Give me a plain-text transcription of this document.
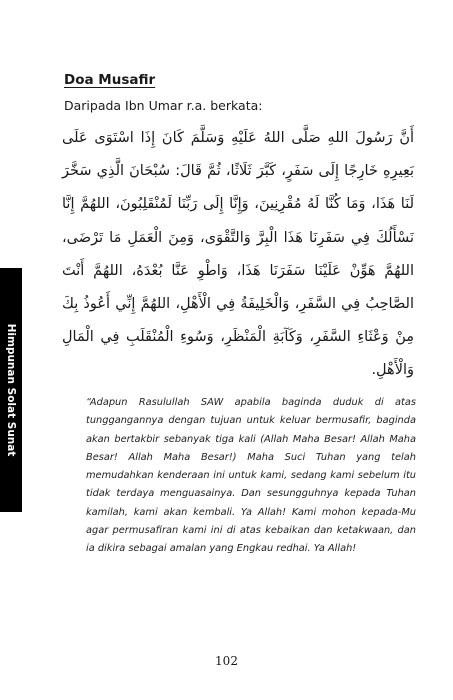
Himpunan Solat Sunat
Doa Musafir
Daripada Ibn Umar r.a. berkata:
أَنَّ رَسُولَ اللهِ صَلَّى اللهُ عَلَيْهِ وَسَلَّمَ كَانَ إِذَا اسْتَوَى عَلَى بَعِيرِهِ خَارِجًا إِلَى سَفَرٍ، كَبَّرَ ثَلَاثًا، ثُمَّ قَالَ: سُبْحَانَ الَّذِي سَخَّرَ لَنَا هَذَا، وَمَا كُنَّا لَهُ مُقْرِنِينَ، وَإِنَّا إِلَى رَبِّنَا لَمُنْقَلِبُونَ، اللهُمَّ إِنَّا نَسْأَلُكَ فِي سَفَرِنَا هَذَا الْبِرَّ وَالتَّقْوَى، وَمِنَ الْعَمَلِ مَا تَرْضَى، اللهُمَّ هَوِّنْ عَلَيْنَا سَفَرَنَا هَذَا، وَاطْوِ عَنَّا بُعْدَهُ، اللهُمَّ أَنْتَ الصَّاحِبُ فِي السَّفَرِ، وَالْخَلِيفَةُ فِي الْأَهْلِ، اللهُمَّ إِنِّي أَعُوذُ بِكَ مِنْ وَعْثَاءِ السَّفَرِ، وَكَآبَةِ الْمَنْظَرِ، وَسُوءِ الْمُنْقَلَبِ فِي الْمَالِ وَالْأَهْلِ.
“Adapun Rasulullah SAW apabila baginda duduk di atas tunggangannya dengan tujuan untuk keluar bermusafir, baginda akan bertakbir sebanyak tiga kali (Allah Maha Besar! Allah Maha Besar! Allah Maha Besar!) Maha Suci Tuhan yang telah memudahkan kenderaan ini untuk kami, sedang kami sebelum itu tidak terdaya menguasainya. Dan sesungguhnya kepada Tuhan kamilah, kami akan kembali. Ya Allah! Kami mohon kepada-Mu agar permusafiran kami ini di atas kebaikan dan ketakwaan, dan ia dikira sebagai amalan yang Engkau redhai. Ya Allah!
102
